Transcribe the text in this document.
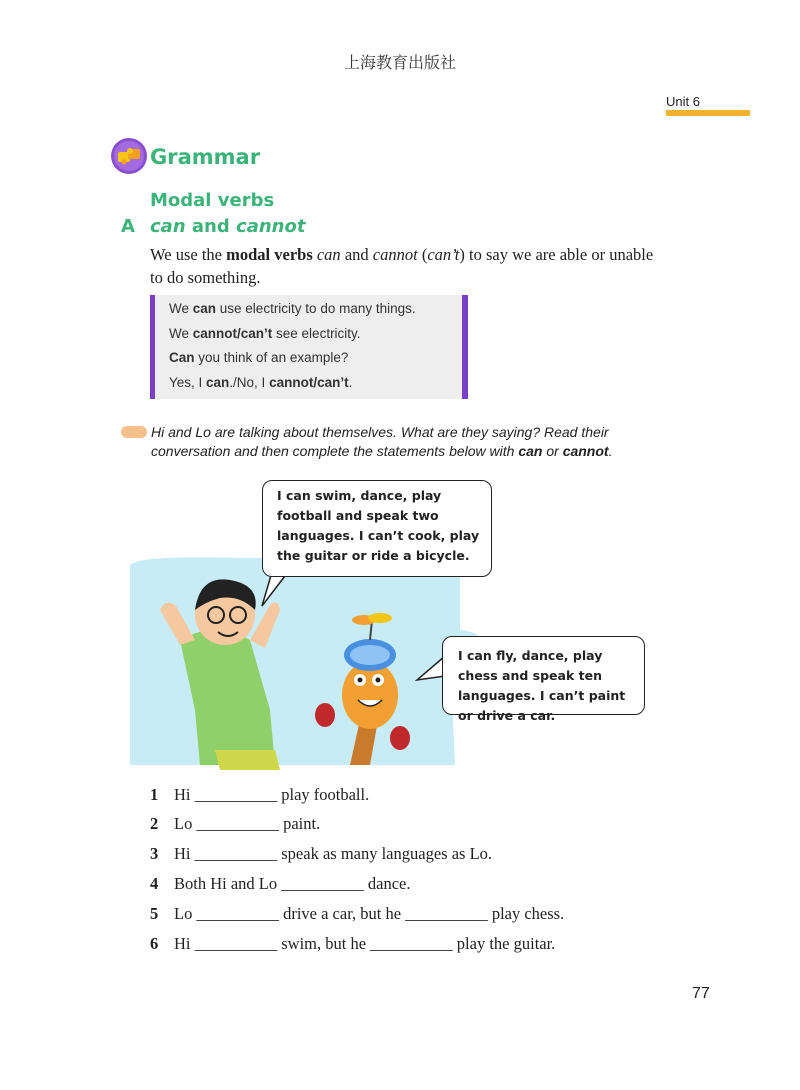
上海教育出版社
Unit 6
Grammar
Modal verbs
A can and cannot
We use the modal verbs can and cannot (can’t) to say we are able or unable to do something.
We can use electricity to do many things.
We cannot/can’t see electricity.
Can you think of an example?
Yes, I can./No, I cannot/can’t.
Hi and Lo are talking about themselves. What are they saying? Read their conversation and then complete the statements below with can or cannot.
I can swim, dance, play football and speak two languages. I can’t cook, play the guitar or ride a bicycle.
I can fly, dance, play chess and speak ten languages. I can’t paint or drive a car.
1 Hi __________ play football.
2 Lo __________ paint.
3 Hi __________ speak as many languages as Lo.
4 Both Hi and Lo __________ dance.
5 Lo __________ drive a car, but he __________ play chess.
6 Hi __________ swim, but he __________ play the guitar.
77
